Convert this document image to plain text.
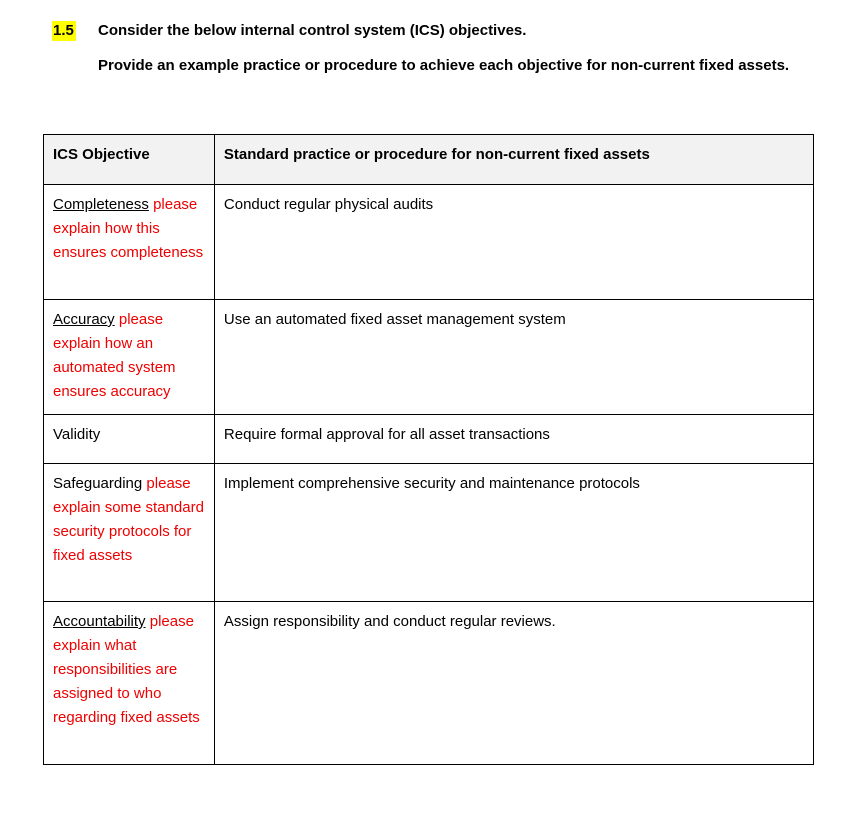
1.5 Consider the below internal control system (ICS) objectives.

Provide an example practice or procedure to achieve each objective for non-current fixed assets.

ICS Objective	Standard practice or procedure for non-current fixed assets
Completeness please explain how this ensures completeness	Conduct regular physical audits
Accuracy please explain how an automated system ensures accuracy	Use an automated fixed asset management system
Validity	Require formal approval for all asset transactions
Safeguarding please explain some standard security protocols for fixed assets	Implement comprehensive security and maintenance protocols
Accountability please explain what responsibilities are assigned to who regarding fixed assets	Assign responsibility and conduct regular reviews.
